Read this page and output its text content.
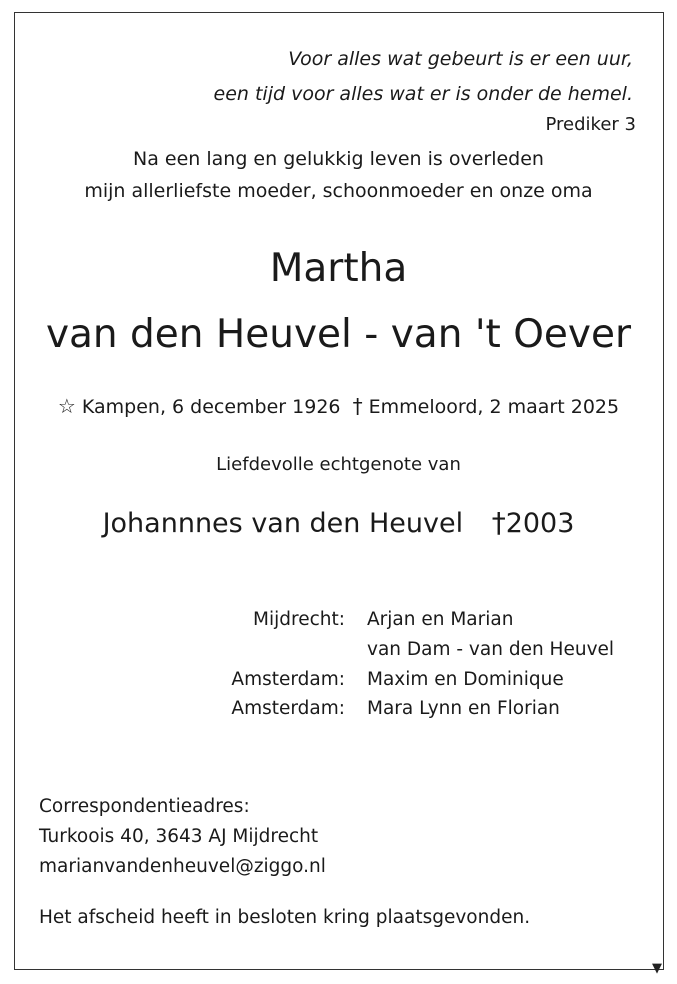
▼
Voor alles wat gebeurt is er een uur,
een tijd voor alles wat er is onder de hemel.
Prediker 3
Na een lang en gelukkig leven is overleden
mijn allerliefste moeder, schoonmoeder en onze oma
Martha
van den Heuvel - van 't Oever
☆ Kampen, 6 december 1926 † Emmeloord, 2 maart 2025
Liefdevolle echtgenote van
Johannnes van den Heuvel †2003
Mijdrecht: Arjan en Marian
van Dam - van den Heuvel
Amsterdam: Maxim en Dominique
Amsterdam: Mara Lynn en Florian
Correspondentieadres:
Turkoois 40, 3643 AJ Mijdrecht
marianvandenheuvel@ziggo.nl
Het afscheid heeft in besloten kring plaatsgevonden.
